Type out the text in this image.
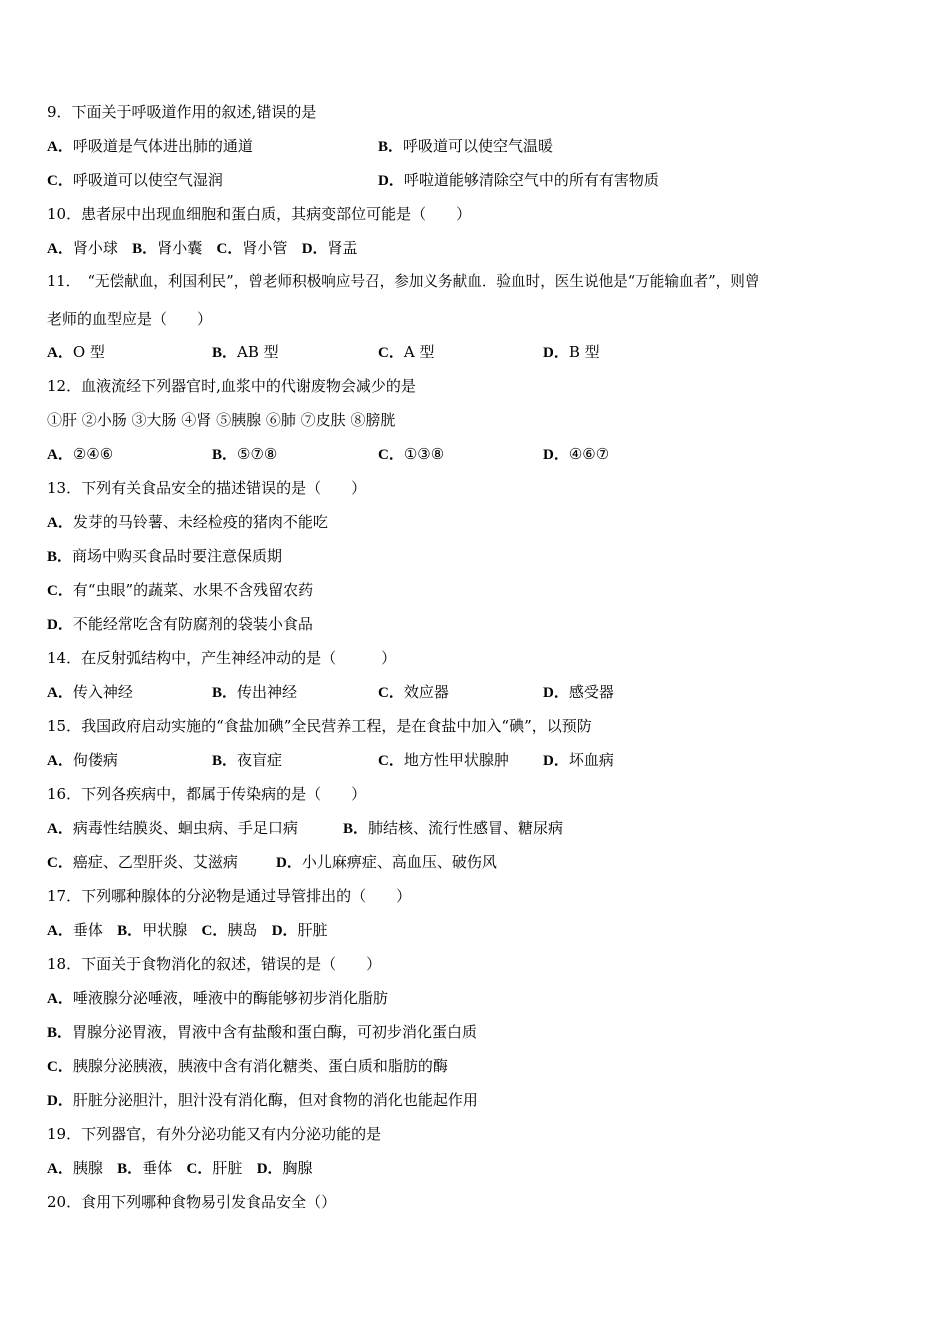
9．下面关于呼吸道作用的叙述,错误的是
A．呼吸道是气体进出肺的通道	B．呼吸道可以使空气温暖
C．呼吸道可以使空气湿润	D．呼啦道能够清除空气中的所有有害物质
10．患者尿中出现血细胞和蛋白质，其病变部位可能是（　　）
A．肾小球 B．肾小囊 C．肾小管 D．肾盂
11．　“无偿献血，利国利民”，曾老师积极响应号召，参加义务献血．验血时，医生说他是“万能输血者”，则曾
老师的血型应是（　　）
A．O 型	B．AB 型	C．A 型	D．B 型
12．血液流经下列器官时,血浆中的代谢废物会减少的是
①肝 ②小肠 ③大肠 ④肾 ⑤胰腺 ⑥肺 ⑦皮肤 ⑧膀胱
A．②④⑥	B．⑤⑦⑧	C．①③⑧	D．④⑥⑦
13．下列有关食品安全的描述错误的是（　　）
A．发芽的马铃薯、未经检疫的猪肉不能吃
B．商场中购买食品时要注意保质期
C．有“虫眼”的蔬菜、水果不含残留农药
D．不能经常吃含有防腐剂的袋装小食品
14．在反射弧结构中，产生神经冲动的是（　　　）
A．传入神经	B．传出神经	C．效应器	D．感受器
15．我国政府启动实施的“食盐加碘”全民营养工程，是在食盐中加入“碘”，以预防
A．佝偻病	B．夜盲症	C．地方性甲状腺肿 D．坏血病
16．下列各疾病中，都属于传染病的是（　　）
A．病毒性结膜炎、蛔虫病、手足口病	B．肺结核、流行性感冒、糖尿病
C．癌症、乙型肝炎、艾滋病	D．小儿麻痹症、高血压、破伤风
17．下列哪种腺体的分泌物是通过导管排出的（　　）
A．垂体 B．甲状腺 C．胰岛 D．肝脏
18．下面关于食物消化的叙述，错误的是（　　）
A．唾液腺分泌唾液，唾液中的酶能够初步消化脂肪
B．胃腺分泌胃液，胃液中含有盐酸和蛋白酶，可初步消化蛋白质
C．胰腺分泌胰液，胰液中含有消化糖类、蛋白质和脂肪的酶
D．肝脏分泌胆汁，胆汁没有消化酶，但对食物的消化也能起作用
19．下列器官，有外分泌功能又有内分泌功能的是
A．胰腺 B．垂体 C．肝脏 D．胸腺
20．食用下列哪种食物易引发食品安全（）
